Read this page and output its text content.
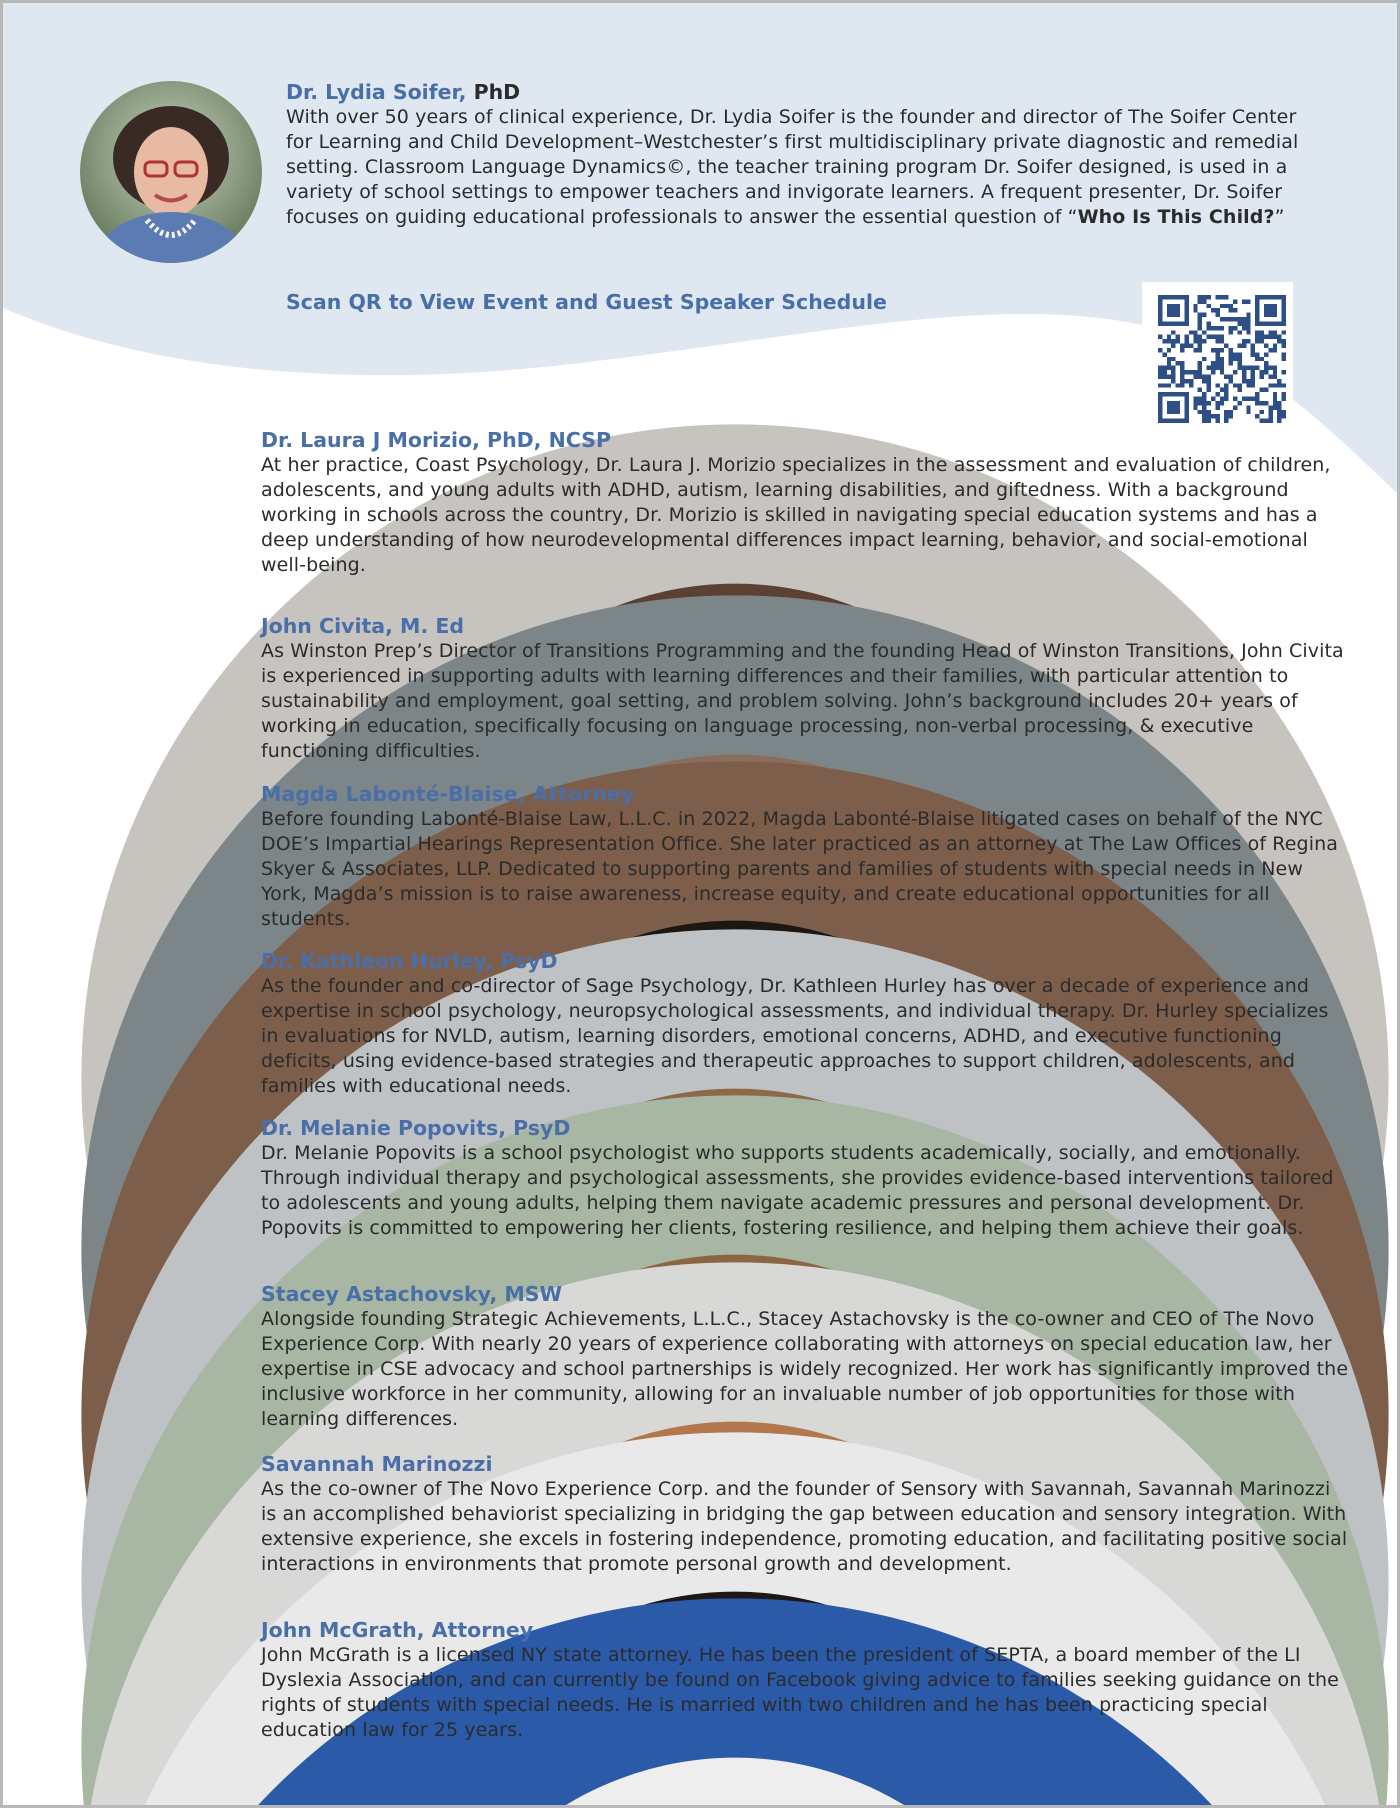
Dr. Lydia Soifer, PhD
With over 50 years of clinical experience, Dr. Lydia Soifer is the founder and director of The Soifer Center for Learning and Child Development–Westchester’s first multidisciplinary private diagnostic and remedial setting. Classroom Language Dynamics©, the teacher training program Dr. Soifer designed, is used in a variety of school settings to empower teachers and invigorate learners. A frequent presenter, Dr. Soifer focuses on guiding educational professionals to answer the essential question of “Who Is This Child?”
Scan QR to View Event and Guest Speaker Schedule
Dr. Laura J Morizio, PhD, NCSP
At her practice, Coast Psychology, Dr. Laura J. Morizio specializes in the assessment and evaluation of children, adolescents, and young adults with ADHD, autism, learning disabilities, and giftedness. With a background working in schools across the country, Dr. Morizio is skilled in navigating special education systems and has a deep understanding of how neurodevelopmental differences impact learning, behavior, and social-emotional well-being.
John Civita, M. Ed
As Winston Prep’s Director of Transitions Programming and the founding Head of Winston Transitions, John Civita is experienced in supporting adults with learning differences and their families, with particular attention to sustainability and employment, goal setting, and problem solving. John’s background includes 20+ years of working in education, specifically focusing on language processing, non-verbal processing, & executive functioning difficulties.
Magda Labonté-Blaise, Attorney
Before founding Labonté-Blaise Law, L.L.C. in 2022, Magda Labonté-Blaise litigated cases on behalf of the NYC DOE’s Impartial Hearings Representation Office. She later practiced as an attorney at The Law Offices of Regina Skyer & Associates, LLP. Dedicated to supporting parents and families of students with special needs in New York, Magda’s mission is to raise awareness, increase equity, and create educational opportunities for all students.
Dr. Kathleen Hurley, PsyD
As the founder and co-director of Sage Psychology, Dr. Kathleen Hurley has over a decade of experience and expertise in school psychology, neuropsychological assessments, and individual therapy. Dr. Hurley specializes in evaluations for NVLD, autism, learning disorders, emotional concerns, ADHD, and executive functioning deficits, using evidence-based strategies and therapeutic approaches to support children, adolescents, and families with educational needs.
Dr. Melanie Popovits, PsyD
Dr. Melanie Popovits is a school psychologist who supports students academically, socially, and emotionally. Through individual therapy and psychological assessments, she provides evidence-based interventions tailored to adolescents and young adults, helping them navigate academic pressures and personal development. Dr. Popovits is committed to empowering her clients, fostering resilience, and helping them achieve their goals.
Stacey Astachovsky, MSW
Alongside founding Strategic Achievements, L.L.C., Stacey Astachovsky is the co-owner and CEO of The Novo Experience Corp. With nearly 20 years of experience collaborating with attorneys on special education law, her expertise in CSE advocacy and school partnerships is widely recognized. Her work has significantly improved the inclusive workforce in her community, allowing for an invaluable number of job opportunities for those with learning differences.
Savannah Marinozzi
As the co-owner of The Novo Experience Corp. and the founder of Sensory with Savannah, Savannah Marinozzi is an accomplished behaviorist specializing in bridging the gap between education and sensory integration. With extensive experience, she excels in fostering independence, promoting education, and facilitating positive social interactions in environments that promote personal growth and development.
John McGrath, Attorney
John McGrath is a licensed NY state attorney. He has been the president of SEPTA, a board member of the LI Dyslexia Association, and can currently be found on Facebook giving advice to families seeking guidance on the rights of students with special needs. He is married with two children and he has been practicing special education law for 25 years.
